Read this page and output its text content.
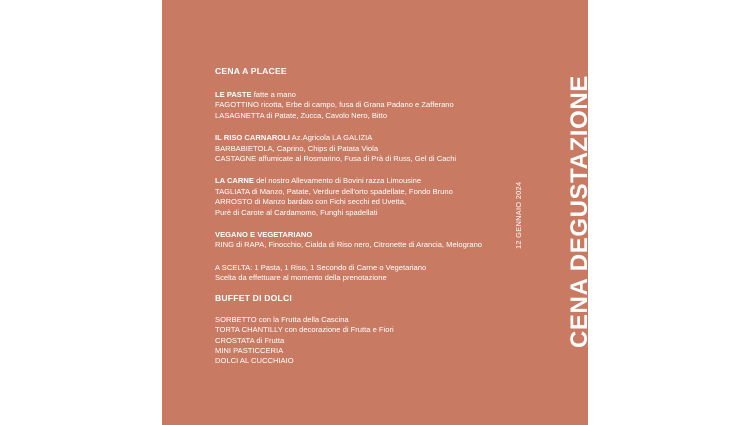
CENA A PLACEE
LE PASTE fatte a mano
FAGOTTINO ricotta, Erbe di campo, fusa di Grana Padano e Zafferano
LASAGNETTA di Patate, Zucca, Cavolo Nero, Bitto
IL RISO CARNAROLI Az.Agricola LA GALIZIA
BARBABIETOLA, Caprino, Chips di Patata Viola
CASTAGNE affumicate al Rosmarino, Fusa di Prà di Russ, Gel di Cachi
LA CARNE del nostro Allevamento di Bovini razza Limousine
TAGLIATA di Manzo, Patate, Verdure dell'orto spadellate, Fondo Bruno
ARROSTO di Manzo bardato con Fichi secchi ed Uvetta,
Purè di Carote al Cardamomo, Funghi spadellati
VEGANO E VEGETARIANO
RING di RAPA, Finocchio, Cialda di Riso nero, Citronette di Arancia, Melograno
A SCELTA: 1 Pasta, 1 Riso, 1 Secondo di Carne o Vegetariano
Scelta da effettuare al momento della prenotazione
BUFFET DI DOLCI
SORBETTO con la Frutta della Cascina
TORTA CHANTILLY con decorazione di Frutta e Fiori
CROSTATA di Frutta
MINI PASTICCERIA
DOLCI AL CUCCHIAIO
CENA DEGUSTAZIONE
12 GENNAIO 2024
